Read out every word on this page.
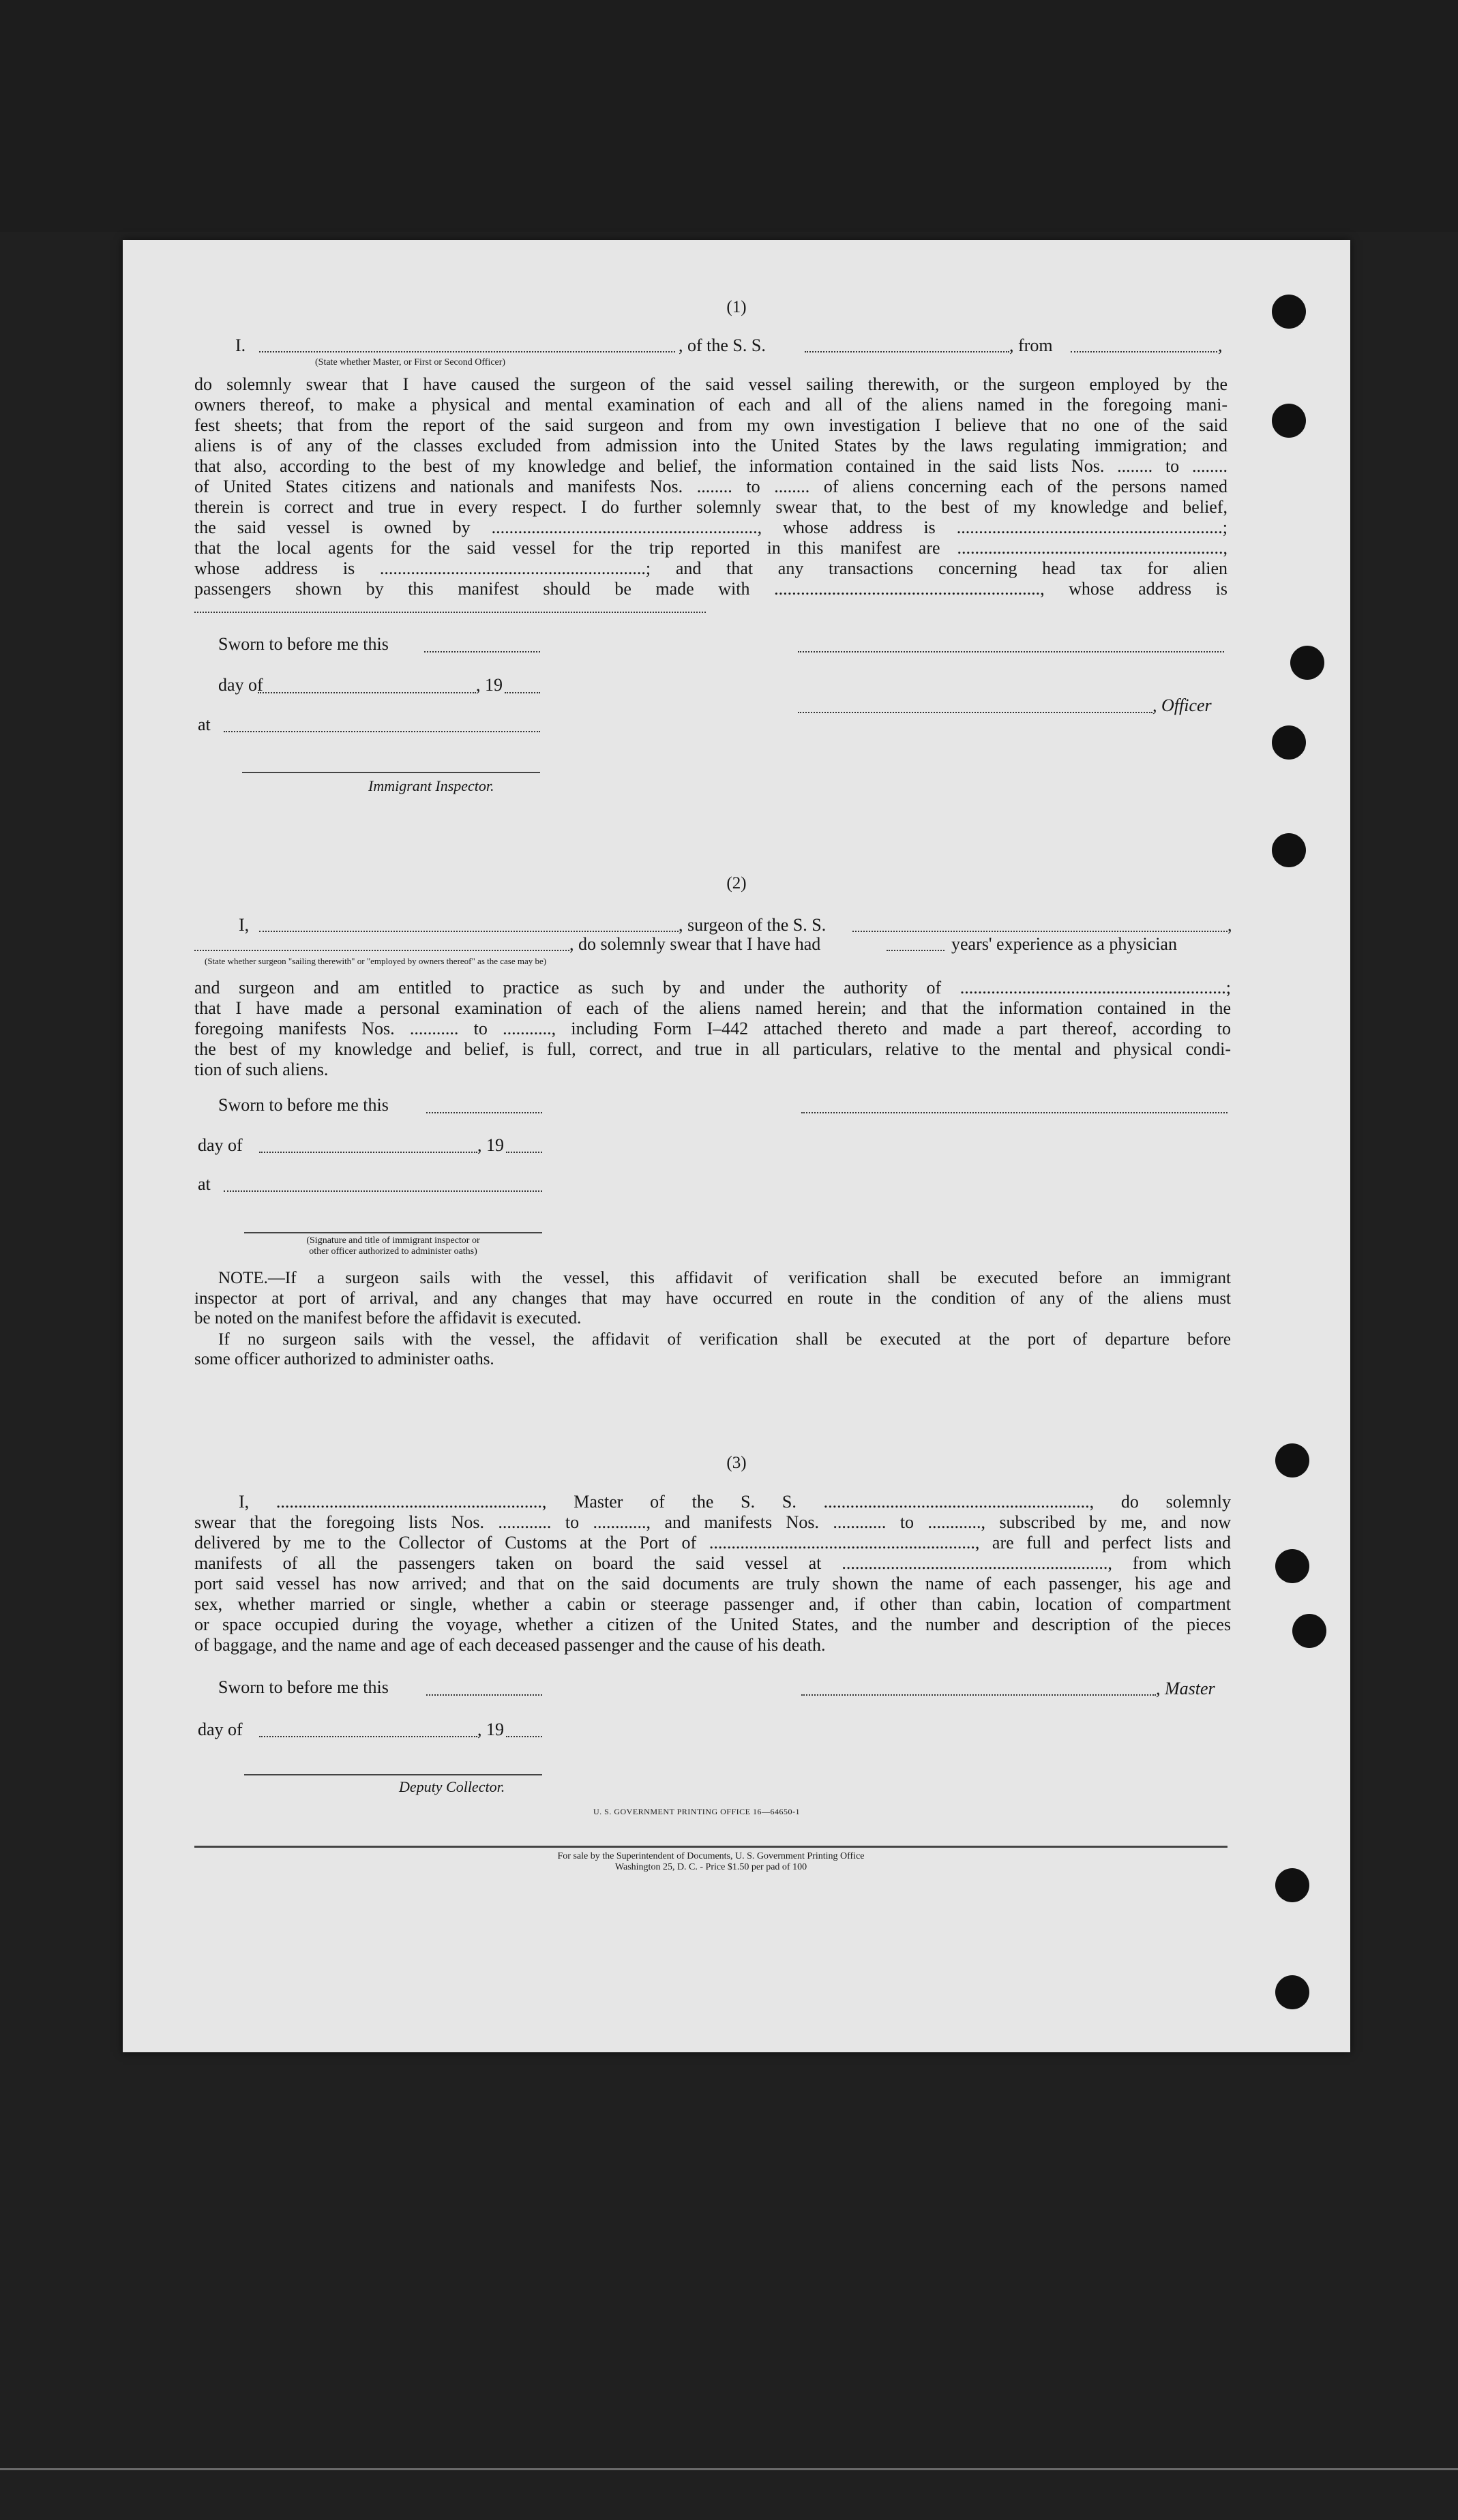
(1)
I.	, of the S. S.	, from	,
(State whether Master, or First or Second Officer)
do solemnly swear that I have caused the surgeon of the said vessel sailing therewith, or the surgeon employed by the
owners thereof, to make a physical and mental examination of each and all of the aliens named in the foregoing mani-
fest sheets; that from the report of the said surgeon and from my own investigation I believe that no one of the said
aliens is of any of the classes excluded from admission into the United States by the laws regulating immigration; and
that also, according to the best of my knowledge and belief, the information contained in the said lists Nos. ........ to ........
of United States citizens and nationals and manifests Nos. ........ to ........ of aliens concerning each of the persons named
therein is correct and true in every respect. I do further solemnly swear that, to the best of my knowledge and belief,
the said vessel is owned by ............................................................, whose address is ............................................................;
that the local agents for the said vessel for the trip reported in this manifest are ............................................................,
whose address is ............................................................; and that any transactions concerning head tax for alien
passengers shown by this manifest should be made with ............................................................, whose address is
Sworn to before me this
day of	, 19
, Officer
at
Immigrant Inspector.
(2)
I,	, surgeon of the S. S.	,
, do solemnly swear that I have had	years' experience as a physician
(State whether surgeon "sailing therewith" or "employed by owners thereof" as the case may be)
and surgeon and am entitled to practice as such by and under the authority of ............................................................;
that I have made a personal examination of each of the aliens named herein; and that the information contained in the
foregoing manifests Nos. ........... to ..........., including Form I–442 attached thereto and made a part thereof, according to
the best of my knowledge and belief, is full, correct, and true in all particulars, relative to the mental and physical condi-
tion of such aliens.
Sworn to before me this
day of	, 19
at
(Signature and title of immigrant inspector or
other officer authorized to administer oaths)
NOTE.—If a surgeon sails with the vessel, this affidavit of verification shall be executed before an immigrant
inspector at port of arrival, and any changes that may have occurred en route in the condition of any of the aliens must
be noted on the manifest before the affidavit is executed.
If no surgeon sails with the vessel, the affidavit of verification shall be executed at the port of departure before
some officer authorized to administer oaths.
(3)
I, ............................................................, Master of the S. S. ............................................................, do solemnly
swear that the foregoing lists Nos. ............ to ............, and manifests Nos. ............ to ............, subscribed by me, and now
delivered by me to the Collector of Customs at the Port of ............................................................, are full and perfect lists and
manifests of all the passengers taken on board the said vessel at ............................................................, from which
port said vessel has now arrived; and that on the said documents are truly shown the name of each passenger, his age and
sex, whether married or single, whether a cabin or steerage passenger and, if other than cabin, location of compartment
or space occupied during the voyage, whether a citizen of the United States, and the number and description of the pieces
of baggage, and the name and age of each deceased passenger and the cause of his death.
Sworn to before me this	, Master
day of	, 19
Deputy Collector.
U. S. GOVERNMENT PRINTING OFFICE 16—64650-1
For sale by the Superintendent of Documents, U. S. Government Printing Office
Washington 25, D. C. - Price $1.50 per pad of 100
